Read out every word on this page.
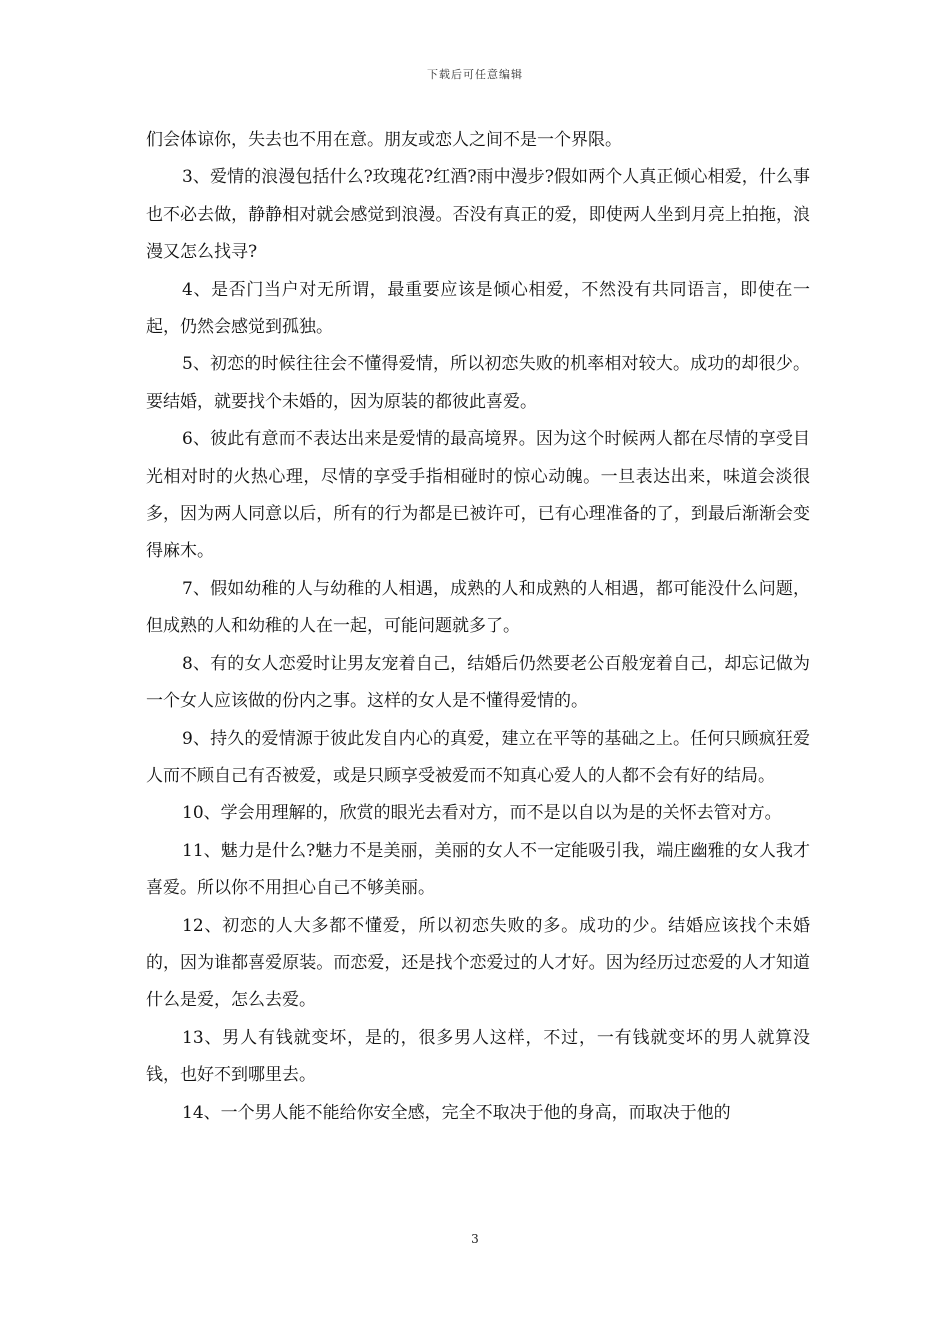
下载后可任意编辑

们会体谅你，失去也不用在意。朋友或恋人之间不是一个界限。

3、爱情的浪漫包括什么?玫瑰花?红酒?雨中漫步?假如两个人真正倾心相爱，什么事也不必去做，静静相对就会感觉到浪漫。否没有真正的爱，即使两人坐到月亮上拍拖，浪漫又怎么找寻?

4、是否门当户对无所谓，最重要应该是倾心相爱，不然没有共同语言，即使在一起，仍然会感觉到孤独。

5、初恋的时候往往会不懂得爱情，所以初恋失败的机率相对较大。成功的却很少。要结婚，就要找个未婚的，因为原装的都彼此喜爱。

6、彼此有意而不表达出来是爱情的最高境界。因为这个时候两人都在尽情的享受目光相对时的火热心理，尽情的享受手指相碰时的惊心动魄。一旦表达出来，味道会淡很多，因为两人同意以后，所有的行为都是已被许可，已有心理准备的了，到最后渐渐会变得麻木。

7、假如幼稚的人与幼稚的人相遇，成熟的人和成熟的人相遇，都可能没什么问题，但成熟的人和幼稚的人在一起，可能问题就多了。

8、有的女人恋爱时让男友宠着自己，结婚后仍然要老公百般宠着自己，却忘记做为一个女人应该做的份内之事。这样的女人是不懂得爱情的。

9、持久的爱情源于彼此发自内心的真爱，建立在平等的基础之上。任何只顾疯狂爱人而不顾自己有否被爱，或是只顾享受被爱而不知真心爱人的人都不会有好的结局。

10、学会用理解的，欣赏的眼光去看对方，而不是以自以为是的关怀去管对方。

11、魅力是什么?魅力不是美丽，美丽的女人不一定能吸引我，端庄幽雅的女人我才喜爱。所以你不用担心自己不够美丽。

12、初恋的人大多都不懂爱，所以初恋失败的多。成功的少。结婚应该找个未婚的，因为谁都喜爱原装。而恋爱，还是找个恋爱过的人才好。因为经历过恋爱的人才知道什么是爱，怎么去爱。

13、男人有钱就变坏，是的，很多男人这样，不过，一有钱就变坏的男人就算没钱，也好不到哪里去。

14、一个男人能不能给你安全感，完全不取决于他的身高，而取决于他的

3
